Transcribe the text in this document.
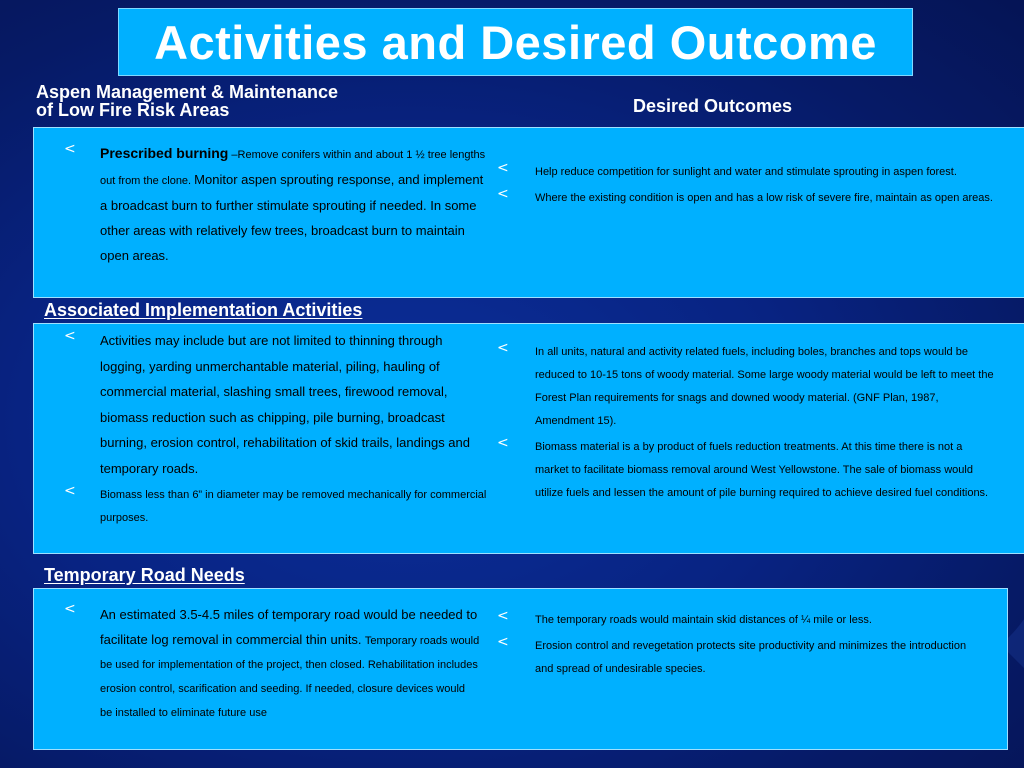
Activities and Desired Outcome
Aspen Management & Maintenance
of Low Fire Risk Areas	Desired Outcomes
< Prescribed burning –Remove conifers within and about 1 ½ tree lengths out from the clone. Monitor aspen sprouting response, and implement a broadcast burn to further stimulate sprouting if needed. In some other areas with relatively few trees, broadcast burn to maintain open areas.
< Help reduce competition for sunlight and water and stimulate sprouting in aspen forest.
< Where the existing condition is open and has a low risk of severe fire, maintain as open areas.
Associated Implementation Activities
< Activities may include but are not limited to thinning through logging, yarding unmerchantable material, piling, hauling of commercial material, slashing small trees, firewood removal, biomass reduction such as chipping, pile burning, broadcast burning, erosion control, rehabilitation of skid trails, landings and temporary roads.
< Biomass less than 6” in diameter may be removed mechanically for commercial purposes.
< In all units, natural and activity related fuels, including boles, branches and tops would be reduced to 10-15 tons of woody material. Some large woody material would be left to meet the Forest Plan requirements for snags and downed woody material. (GNF Plan, 1987, Amendment 15).
< Biomass material is a by product of fuels reduction treatments. At this time there is not a market to facilitate biomass removal around West Yellowstone. The sale of biomass would utilize fuels and lessen the amount of pile burning required to achieve desired fuel conditions.
Temporary Road Needs
< An estimated 3.5-4.5 miles of temporary road would be needed to facilitate log removal in commercial thin units. Temporary roads would be used for implementation of the project, then closed. Rehabilitation includes erosion control, scarification and seeding. If needed, closure devices would be installed to eliminate future use
< The temporary roads would maintain skid distances of ¼ mile or less.
< Erosion control and revegetation protects site productivity and minimizes the introduction and spread of undesirable species.
